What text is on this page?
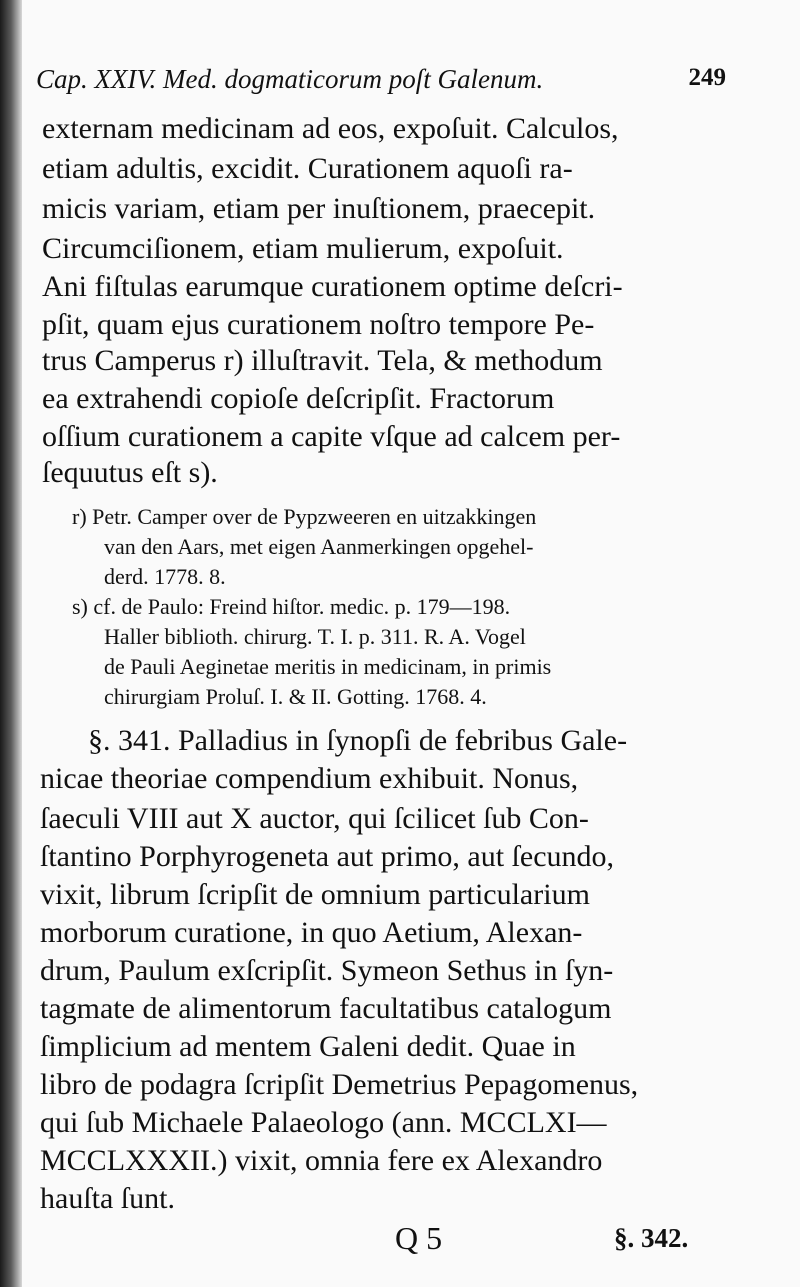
Cap. XXIV. Med. dogmaticorum poſt Galenum.	249
externam medicinam ad eos, expoſuit. Calculos,
etiam adultis, excidit. Curationem aquoſi ra-
micis variam, etiam per inuſtionem, praecepit.
Circumciſionem, etiam mulierum, expoſuit.
Ani fiſtulas earumque curationem optime deſcri-
pſit, quam ejus curationem noſtro tempore Pe-
trus Camperus r) illuſtravit. Tela, & methodum
ea extrahendi copioſe deſcripſit. Fractorum
oſſium curationem a capite vſque ad calcem per-
ſequutus eſt s).
r) Petr. Camper over de Pypzweeren en uitzakkingen
van den Aars, met eigen Aanmerkingen opgehel-
derd. 1778. 8.
s) cf. de Paulo: Freind hiſtor. medic. p. 179—198.
Haller biblioth. chirurg. T. I. p. 311. R. A. Vogel
de Pauli Aeginetae meritis in medicinam, in primis
chirurgiam Proluſ. I. & II. Gotting. 1768. 4.
§. 341. Palladius in ſynopſi de febribus Gale-
nicae theoriae compendium exhibuit. Nonus,
ſaeculi VIII aut X auctor, qui ſcilicet ſub Con-
ſtantino Porphyrogeneta aut primo, aut ſecundo,
vixit, librum ſcripſit de omnium particularium
morborum curatione, in quo Aetium, Alexan-
drum, Paulum exſcripſit. Symeon Sethus in ſyn-
tagmate de alimentorum facultatibus catalogum
ſimplicium ad mentem Galeni dedit. Quae in
libro de podagra ſcripſit Demetrius Pepagomenus,
qui ſub Michaele Palaeologo (ann. MCCLXI—
MCCLXXXII.) vixit, omnia fere ex Alexandro
hauſta ſunt.
Q 5	§. 342.
